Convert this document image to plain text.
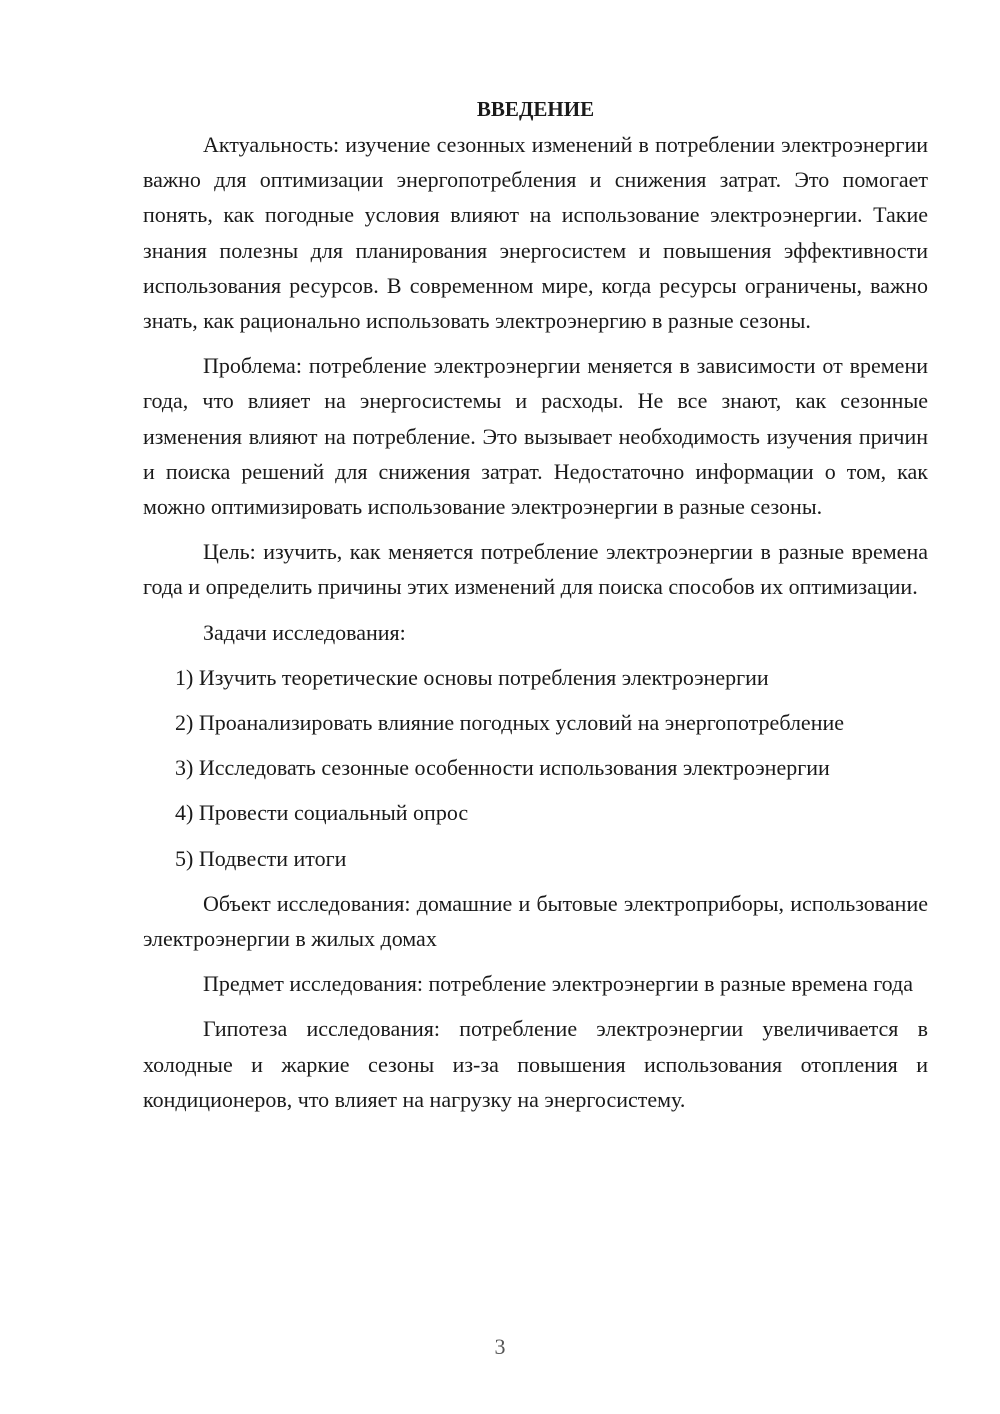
ВВЕДЕНИЕ

Актуальность: изучение сезонных изменений в потреблении электроэнергии важно для оптимизации энергопотребления и снижения затрат. Это помогает понять, как погодные условия влияют на использование электроэнергии. Такие знания полезны для планирования энергосистем и повышения эффективности использования ресурсов. В современном мире, когда ресурсы ограничены, важно знать, как рационально использовать электроэнергию в разные сезоны.

Проблема: потребление электроэнергии меняется в зависимости от времени года, что влияет на энергосистемы и расходы. Не все знают, как сезонные изменения влияют на потребление. Это вызывает необходимость изучения причин и поиска решений для снижения затрат. Недостаточно информации о том, как можно оптимизировать использование электроэнергии в разные сезоны.

Цель: изучить, как меняется потребление электроэнергии в разные времена года и определить причины этих изменений для поиска способов их оптимизации.

Задачи исследования:

1) Изучить теоретические основы потребления электроэнергии

2) Проанализировать влияние погодных условий на энергопотребление

3) Исследовать сезонные особенности использования электроэнергии

4) Провести социальный опрос

5) Подвести итоги

Объект исследования: домашние и бытовые электроприборы, использование электроэнергии в жилых домах

Предмет исследования: потребление электроэнергии в разные времена года

Гипотеза исследования: потребление электроэнергии увеличивается в холодные и жаркие сезоны из-за повышения использования отопления и кондиционеров, что влияет на нагрузку на энергосистему.

3
